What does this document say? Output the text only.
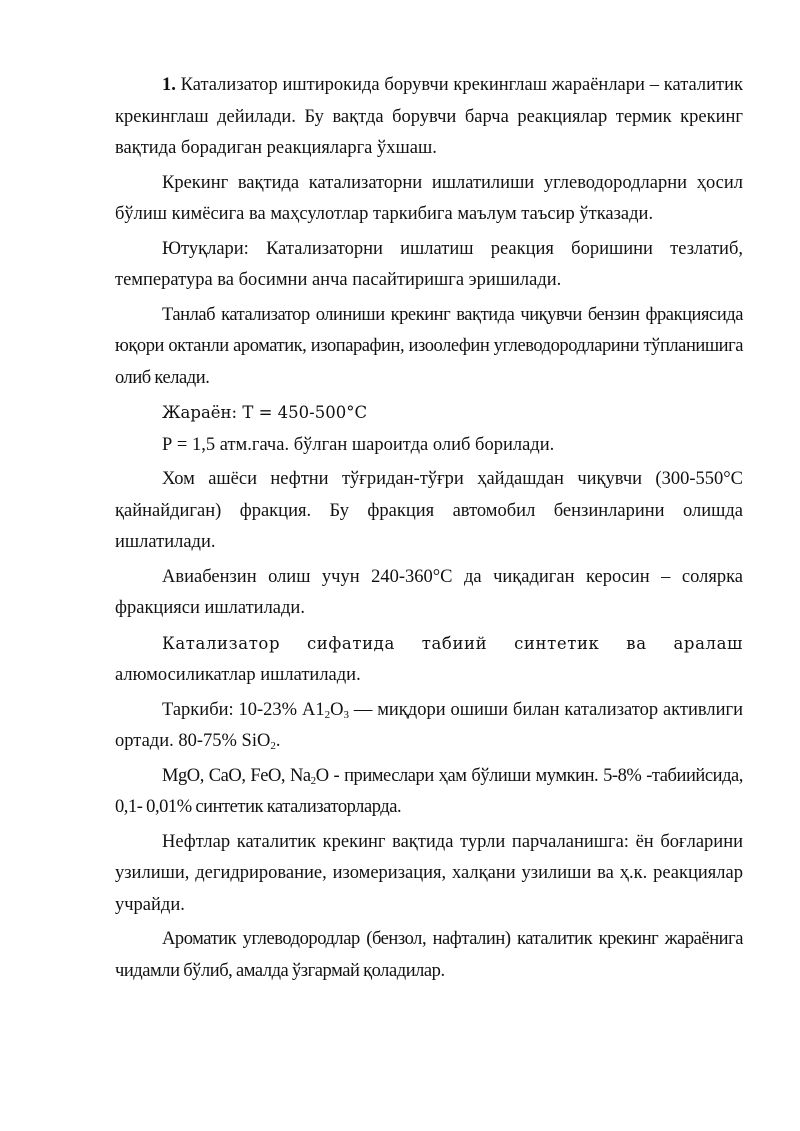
1. Катализатор иштирокида борувчи крекинглаш жараёнлари – каталитик крекинглаш дейилади. Бу вақтда борувчи барча реакциялар термик крекинг вақтида борадиган реакцияларга ўхшаш.

Крекинг вақтида катализаторни ишлатилиши углеводородларни ҳосил бўлиш кимёсига ва маҳсулотлар таркибига маълум таъсир ўтказади.

Ютуқлари: Катализаторни ишлатиш реакция боришини тезлатиб, температура ва босимни анча пасайтиришга эришилади.

Танлаб катализатор олиниши крекинг вақтида чиқувчи бензин фракциясида юқори октанли ароматик, изопарафин, изоолефин углеводородларини тўпланишига олиб келади.

Жараён: Т = 450-500°С

Р = 1,5 атм.гача. бўлган шароитда олиб борилади.

Хом ашёси нефтни тўғридан-тўғри ҳайдашдан чиқувчи (300-550°С қайнайдиган) фракция. Бу фракция автомобил бензинларини олишда ишлатилади.

Авиабензин олиш учун 240-360°С да чиқадиган керосин – солярка фракцияси ишлатилади.

Катализатор сифатида табиий синтетик ва аралаш алюмосиликатлар ишлатилади.

Таркиби: 10-23% $А1_2O_3$ — миқдори ошиши билан катализатор активлиги ортади. 80-75% SiO$_2$.

MgO, CaO, FeO, $Na_2O$ - примеслари ҳам бўлиши мумкин. 5-8% -табиийсида, 0,1- 0,01% синтетик катализаторларда.

Нефтлар каталитик крекинг вақтида турли парчаланишга: ён боғларини узилиши, дегидрирование, изомеризация, халқани узилиши ва ҳ.к. реакциялар учрайди.

Ароматик углеводородлар (бензол, нафталин) каталитик крекинг жараёнига чидамли бўлиб, амалда ўзгармай қоладилар.
